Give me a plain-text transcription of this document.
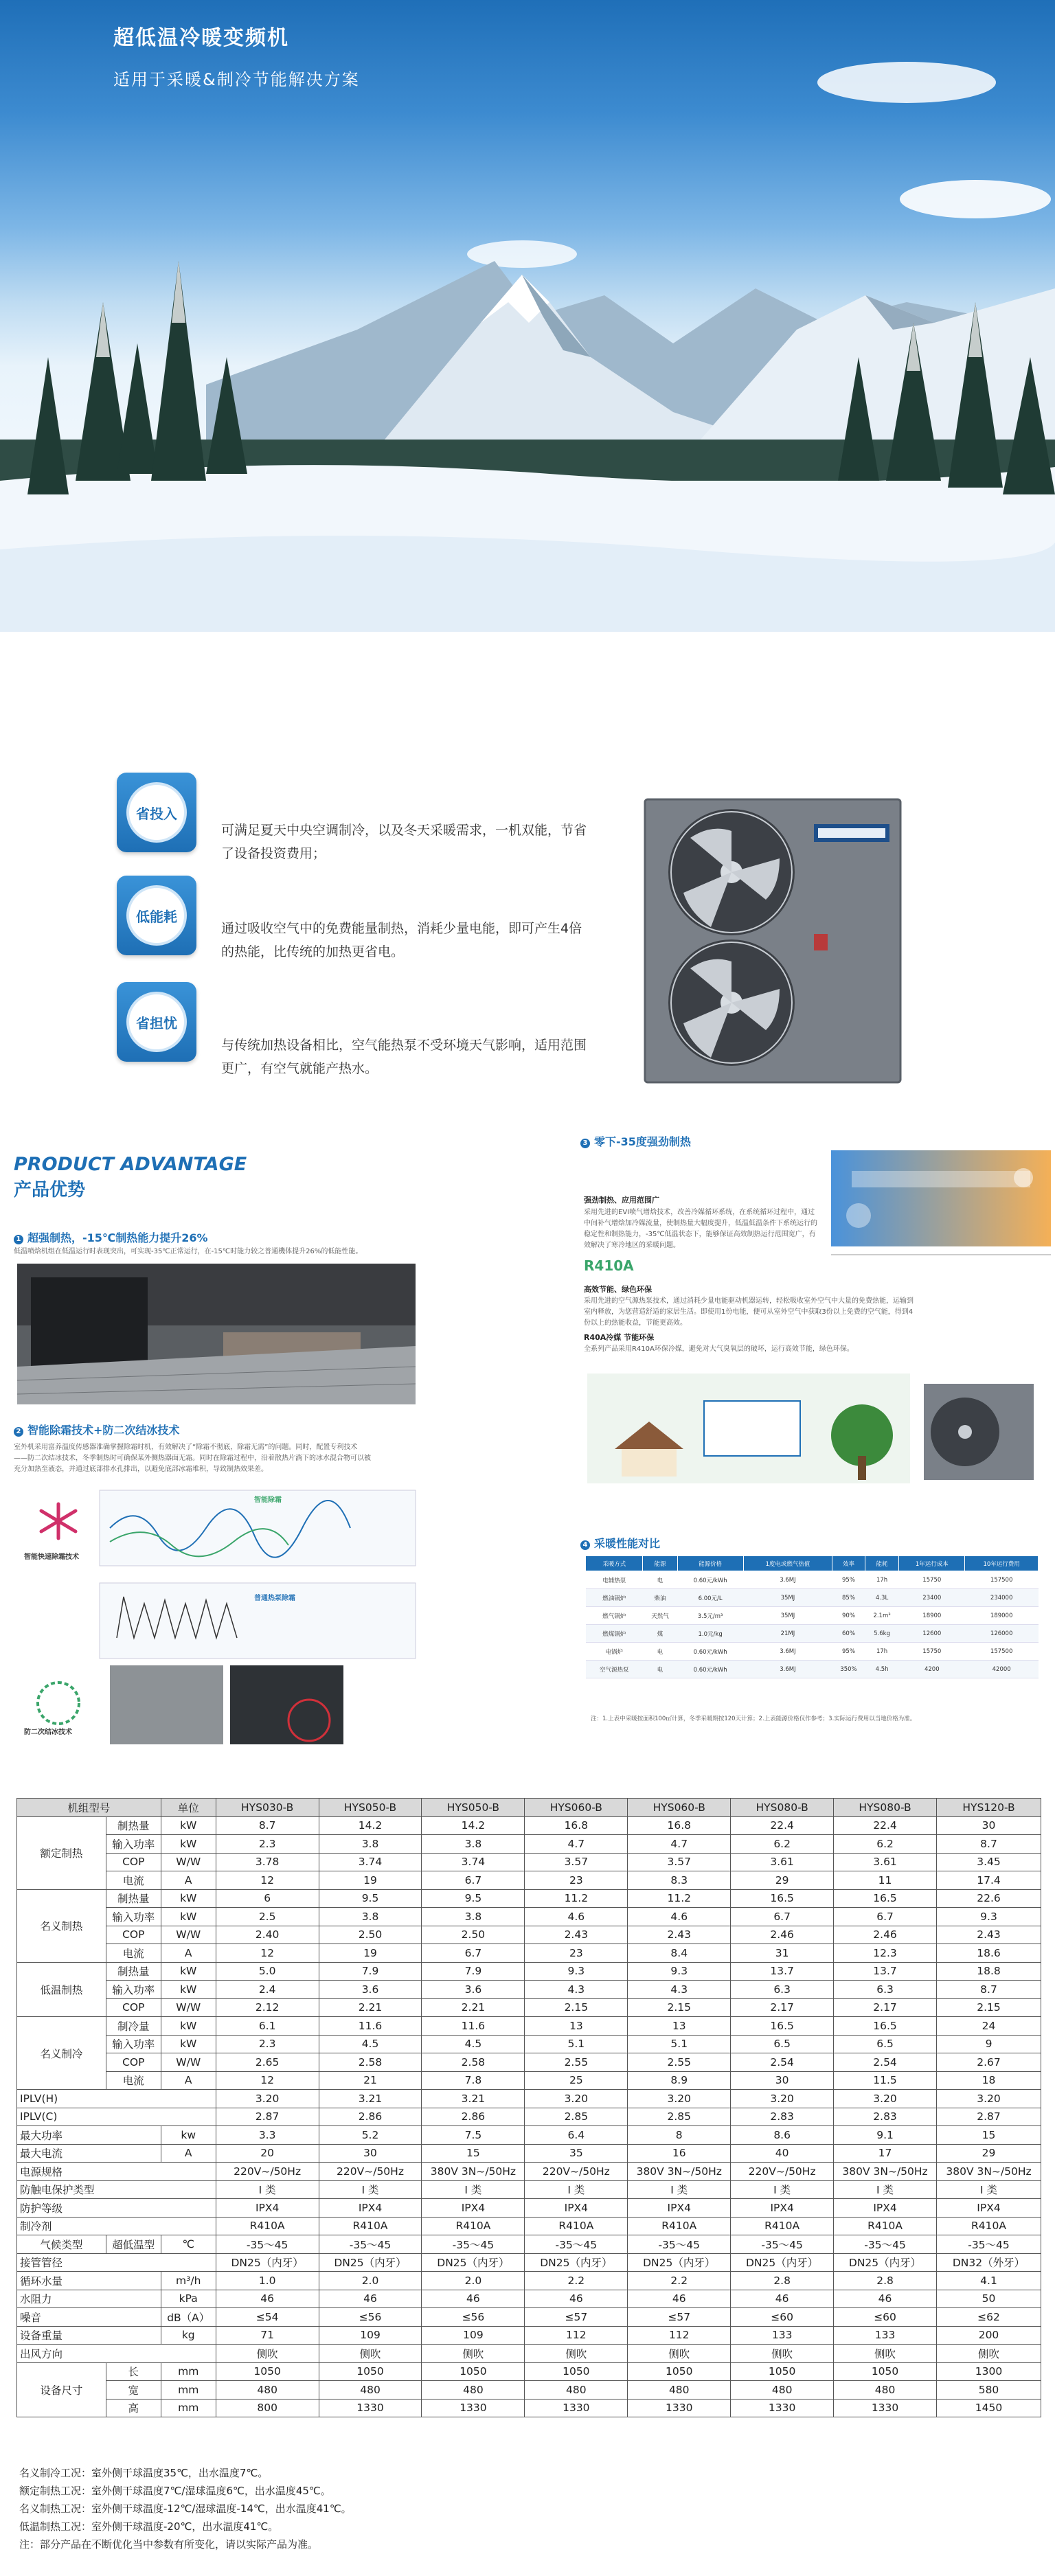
超低温冷暖变频机
适用于采暖&制冷节能解决方案
省投入
可满足夏天中央空调制冷，以及冬天采暖需求，一机双能，节省了设备投资费用；
低能耗
通过吸收空气中的免费能量制热，消耗少量电能，即可产生4倍的热能，比传统的加热更省电。
省担忧
与传统加热设备相比，空气能热泵不受环境天气影响，适用范围更广，有空气就能产热水。
PRODUCT ADVANTAGE
产品优势
1 超强制热，-15℃制热能力提升26%
低温喷焓机组在低温运行时表现突出，可实现-35℃正常运行，在-15℃时能力较之普通機体提升26%的低能性能。
2 智能除霜技术+防二次结冰技术
室外机采用富养温度传感器准确掌握除霜时机，有效解决了“除霜不彻底，除霜无需”的问题。同时，配置专利技术——防二次结冰技术，冬季制热时可确保某外侧热器面无霜。同时在除霜过程中，沿着散热片淌下的冰水混合物可以被充分加热至液态，并通过底部排水孔排出，以避免底部冰霜堆积，导致制热效果差。
智能快速除霜技术
智能除霜
普通热泵除霜
防二次结冰技术
3 零下-35度强劲制热
强劲制热、应用范围广
采用先进的EVI喷气增焓技术，改善冷媒循环系统，在系统循环过程中，通过中间补气增焓加冷媒流量，使制热量大幅度提升，低温低温条件下系统运行的稳定性和制热能力，-35℃低温状态下，能够保证高效制热运行范围宽广，有效解决了寒冷地区的采暖问题。
R410A
高效节能、绿色环保
采用先进的空气源热泵技术，通过消耗少量电能驱动机器运转，轻松吸收室外空气中大量的免费热能，运输到室内释放，为您营造舒适的家居生活。即使用1份电能，便可从室外空气中获取3份以上免费的空气能，得到4份以上的热能收益，节能更高效。
R40A冷媒 节能环保
全系列产品采用R410A环保冷媒，避免对大气臭氧层的破坏，运行高效节能，绿色环保。
4 采暖性能对比
采暖方式	能源	能源价格	1度电或燃气热值	效率	能耗	1年运行成本	10年运行费用
电辅热泵	电	0.60元/kWh	3.6MJ	95%	17h	15750	157500
燃油锅炉	柴油	6.00元/L	35MJ	85%	4.3L	23400	234000
燃气锅炉	天然气	3.5元/m³	35MJ	90%	2.1m³	18900	189000
燃煤锅炉	煤	1.0元/kg	21MJ	60%	5.6kg	12600	126000
电锅炉	电	0.60元/kWh	3.6MJ	95%	17h	15750	157500
空气源热泵	电	0.60元/kWh	3.6MJ	350%	4.5h	4200	42000
注：1.上表中采暖按面积100㎡计算，冬季采暖期按120天计算；2.上表能源价格仅作参考；3.实际运行费用以当地价格为准。
机组型号		单位	HYS030-B	HYS050-B	HYS050-B	HYS060-B	HYS060-B	HYS080-B	HYS080-B	HYS120-B
额定制热	制热量	kW	8.7	14.2	14.2	16.8	16.8	22.4	22.4	30
	输入功率	kW	2.3	3.8	3.8	4.7	4.7	6.2	6.2	8.7
	COP	W/W	3.78	3.74	3.74	3.57	3.57	3.61	3.61	3.45
	电流	A	12	19	6.7	23	8.3	29	11	17.4
名义制热	制热量	kW	6	9.5	9.5	11.2	11.2	16.5	16.5	22.6
	输入功率	kW	2.5	3.8	3.8	4.6	4.6	6.7	6.7	9.3
	COP	W/W	2.40	2.50	2.50	2.43	2.43	2.46	2.46	2.43
	电流	A	12	19	6.7	23	8.4	31	12.3	18.6
低温制热	制热量	kW	5.0	7.9	7.9	9.3	9.3	13.7	13.7	18.8
	输入功率	kW	2.4	3.6	3.6	4.3	4.3	6.3	6.3	8.7
	COP	W/W	2.12	2.21	2.21	2.15	2.15	2.17	2.17	2.15
名义制冷	制冷量	kW	6.1	11.6	11.6	13	13	16.5	16.5	24
	输入功率	kW	2.3	4.5	4.5	5.1	5.1	6.5	6.5	9
	COP	W/W	2.65	2.58	2.58	2.55	2.55	2.54	2.54	2.67
	电流	A	12	21	7.8	25	8.9	30	11.5	18
IPLV(H)			3.20	3.21	3.21	3.20	3.20	3.20	3.20	3.20
IPLV(C)			2.87	2.86	2.86	2.85	2.85	2.83	2.83	2.87
最大功率		kw	3.3	5.2	7.5	6.4	8	8.6	9.1	15
最大电流		A	20	30	15	35	16	40	17	29
电源规格			220V~/50Hz	220V~/50Hz	380V 3N~/50Hz	220V~/50Hz	380V 3N~/50Hz	220V~/50Hz	380V 3N~/50Hz	380V 3N~/50Hz
防触电保护类型			I 类	I 类	I 类	I 类	I 类	I 类	I 类	I 类
防护等级			IPX4	IPX4	IPX4	IPX4	IPX4	IPX4	IPX4	IPX4
制冷剂			R410A	R410A	R410A	R410A	R410A	R410A	R410A	R410A
气候类型	超低温型	℃	-35～45	-35～45	-35～45	-35～45	-35～45	-35～45	-35～45	-35～45
接管管径			DN25（内牙）	DN25（内牙）	DN25（内牙）	DN25（内牙）	DN25（内牙）	DN25（内牙）	DN25（内牙）	DN32（外牙）
循环水量		m³/h	1.0	2.0	2.0	2.2	2.2	2.8	2.8	4.1
水阻力		kPa	46	46	46	46	46	46	46	50
噪音		dB（A）	≤54	≤56	≤56	≤57	≤57	≤60	≤60	≤62
设备重量		kg	71	109	109	112	112	133	133	200
出风方向			侧吹	侧吹	侧吹	侧吹	侧吹	侧吹	侧吹	侧吹
设备尺寸	长	mm	1050	1050	1050	1050	1050	1050	1050	1300
	宽	mm	480	480	480	480	480	480	480	580
	高	mm	800	1330	1330	1330	1330	1330	1330	1450
名义制冷工况：室外侧干球温度35℃，出水温度7℃。
额定制热工况：室外侧干球温度7℃/湿球温度6℃，出水温度45℃。
名义制热工况：室外侧干球温度-12℃/湿球温度-14℃，出水温度41℃。
低温制热工况：室外侧干球温度-20℃，出水温度41℃。
注：部分产品在不断优化当中参数有所变化，请以实际产品为准。
